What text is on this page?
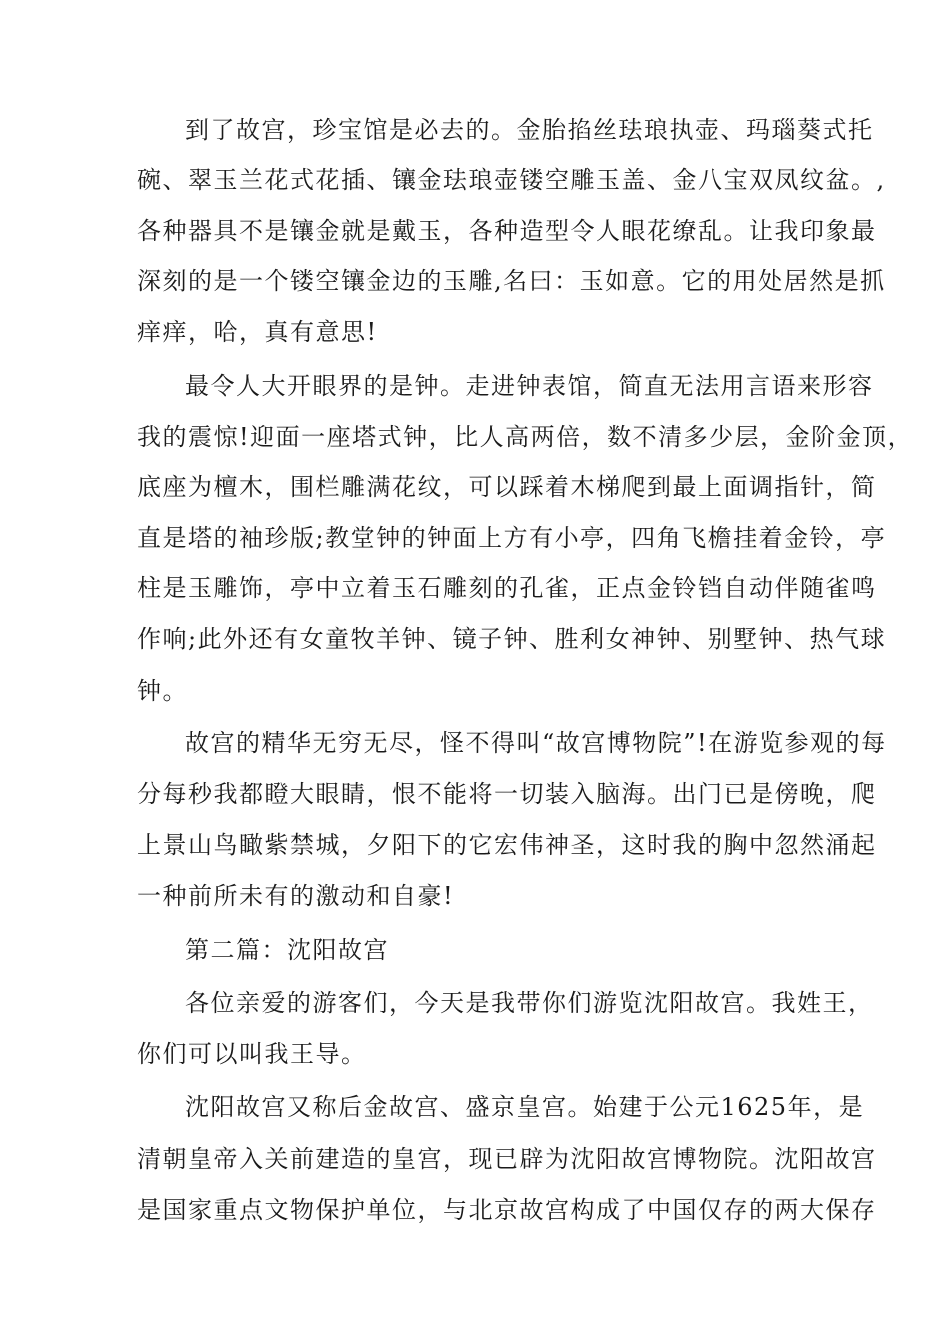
到了故宫，珍宝馆是必去的。金胎掐丝珐琅执壶、玛瑙葵式托

碗、翠玉兰花式花插、镶金珐琅壶镂空雕玉盖、金八宝双凤纹盆。,

各种器具不是镶金就是戴玉，各种造型令人眼花缭乱。让我印象最

深刻的是一个镂空镶金边的玉雕,名曰：玉如意。它的用处居然是抓

痒痒，哈，真有意思!

最令人大开眼界的是钟。走进钟表馆，简直无法用言语来形容

我的震惊!迎面一座塔式钟，比人高两倍，数不清多少层，金阶金顶，

底座为檀木，围栏雕满花纹，可以踩着木梯爬到最上面调指针，简

直是塔的袖珍版;教堂钟的钟面上方有小亭，四角飞檐挂着金铃，亭

柱是玉雕饰，亭中立着玉石雕刻的孔雀，正点金铃铛自动伴随雀鸣

作响;此外还有女童牧羊钟、镜子钟、胜利女神钟、别墅钟、热气球

钟。

故宫的精华无穷无尽，怪不得叫“故宫博物院”!在游览参观的每

分每秒我都瞪大眼睛，恨不能将一切装入脑海。出门已是傍晚，爬

上景山鸟瞰紫禁城，夕阳下的它宏伟神圣，这时我的胸中忽然涌起

一种前所未有的激动和自豪!

第二篇：沈阳故宫

各位亲爱的游客们，今天是我带你们游览沈阳故宫。我姓王，

你们可以叫我王导。

沈阳故宫又称后金故宫、盛京皇宫。始建于公元1625年，是

清朝皇帝入关前建造的皇宫，现已辟为沈阳故宫博物院。沈阳故宫

是国家重点文物保护单位，与北京故宫构成了中国仅存的两大保存
